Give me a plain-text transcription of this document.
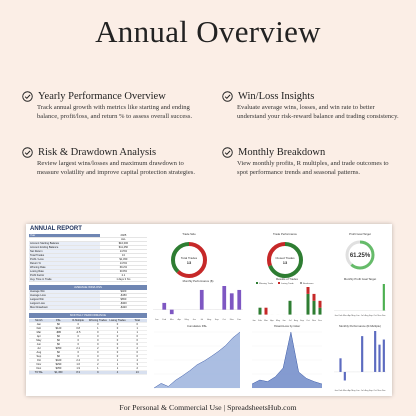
Annual Overview
Yearly Performance Overview
Track annual growth with metrics like starting and ending balance, profit/loss, and return % to assess overall success.
Win/Loss Insights
Evaluate average wins, losses, and win rate to better understand your risk-reward balance and trading consistency.
Risk & Drawdown Analysis
Review largest wins/losses and maximum drawdown to measure volatility and improve capital protection strategies.
Monthly Breakdown
View monthly profits, R multiples, and trade outcomes to spot performance trends and seasonal patterns.
ANNUAL REPORT
Year	2025
ALL
Account Starting Balance	$10,000
Account Ending Balance	$11,450
Net Return	14.5%
Total Trades	13
Profit / Loss	$1,450
Return %	14.5%
Winning Rate	69.2%
Losing Rate	30.8%
Profit Factor	2.1
Avg. Time in Trade	1 days 3 hrs
AVERAGE WIN/LOSS
Average Win	$320
Average Loss	-$150
Largest Win	$650
Largest Loss	-$300
Max Drawdown	-$420
MONTHLY PERFORMANCE
Month	P&L	R-Multiple	Winning Trades Losing Trades	Total
Jan	$0	0	0	0	0
Feb	$120	0.8	1	0	1
Mar	-$80	-0.5	0	1	1
Apr	$0	0	0	0	0
May	$0	0	0	0	0
Jun	$0	0	0	0	0
Jul	$350	2.1	2	0	2
Aug	$0	0	0	0	0
Sep	$0	0	0	0	0
Oct	$420	2.4	3	1	4
Nov	$290	1.6	2	1	3
Dec	$350	1.9	1	1	2
TOTAL	$1,450	8.3	9	4	13
Trade Side
Total Trades
13
Trade Performance
Closed Trades
13
Profit Goal Target
61.25%
Monthly Performance ($)
Jan	Feb	Mar Apr May	Jun	Jul Aug	Sep	Oct Nov	Dec
Results of Trades
Winning Trade	Losing Trade	Breakeven
Jan	Feb	Mar Apr May Jun	Jul Aug Sep	Oct Nov Dec
Monthly Profit Goal Target
Jan Feb Mar Apr May Jun Jul Aug Sep Oct Nov Dec
Cumulative P&L	%Gain/Loss by ticker	Monthly Performance (R-Multiple)
Jan Feb Mar Apr May Jun Jul Aug Sep Oct Nov Dec
For Personal & Commercial Use | SpreadsheetsHub.com
